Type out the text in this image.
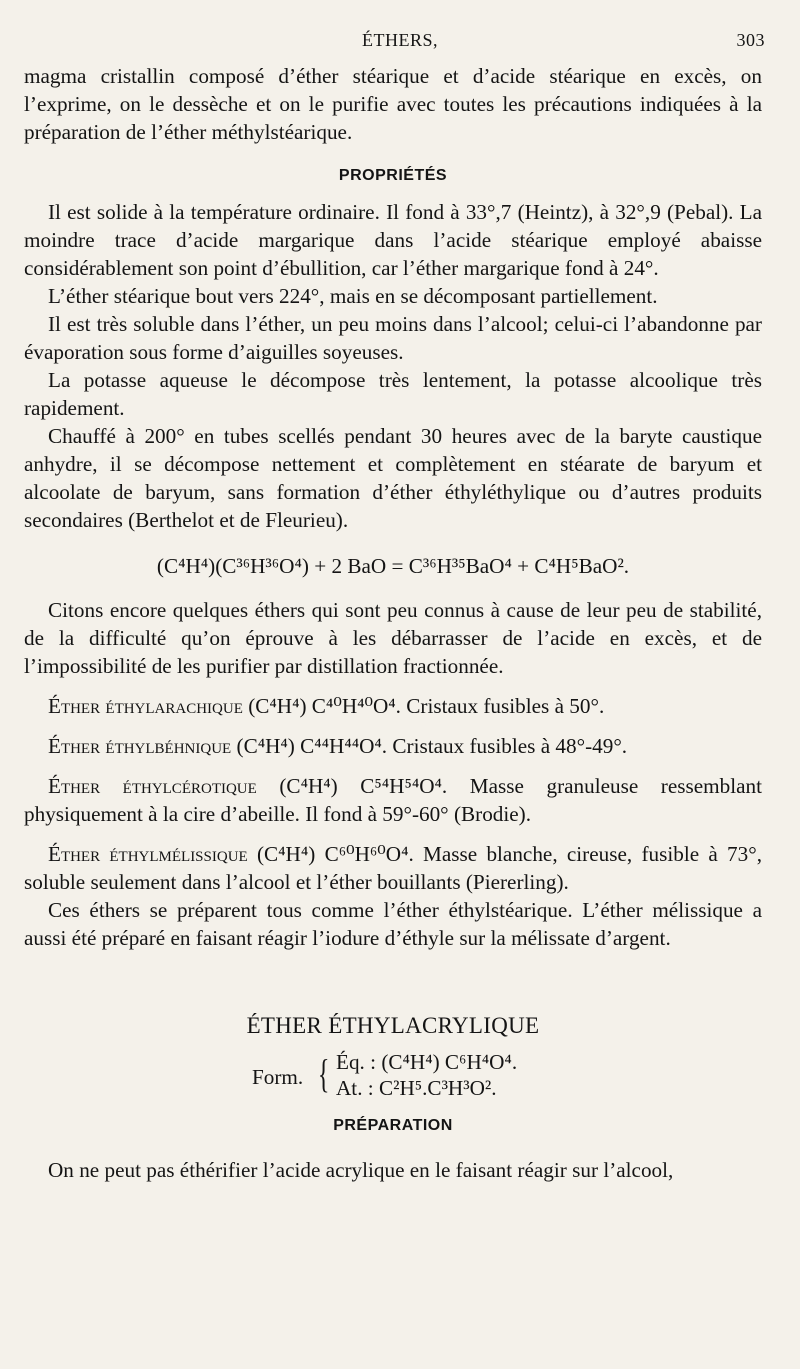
ÉTHERS,	303

magma cristallin composé d’éther stéarique et d’acide stéarique en excès, on l’exprime, on le dessèche et on le purifie avec toutes les précautions indiquées à la préparation de l’éther méthylstéarique.

PROPRIÉTÉS

Il est solide à la température ordinaire. Il fond à 33°,7 (Heintz), à 32°,9 (Pebal). La moindre trace d’acide margarique dans l’acide stéarique employé abaisse considérablement son point d’ébullition, car l’éther margarique fond à 24°.

L’éther stéarique bout vers 224°, mais en se décomposant partiellement.

Il est très soluble dans l’éther, un peu moins dans l’alcool; celui-ci l’abandonne par évaporation sous forme d’aiguilles soyeuses.

La potasse aqueuse le décompose très lentement, la potasse alcoolique très rapidement.

Chauffé à 200° en tubes scellés pendant 30 heures avec de la baryte caustique anhydre, il se décompose nettement et complètement en stéarate de baryum et alcoolate de baryum, sans formation d’éther éthyléthylique ou d’autres produits secondaires (Berthelot et de Fleurieu).

(C⁴H⁴)(C³⁶H³⁶O⁴) + 2 BaO = C³⁶H³⁵BaO⁴ + C⁴H⁵BaO².

Citons encore quelques éthers qui sont peu connus à cause de leur peu de stabilité, de la difficulté qu’on éprouve à les débarrasser de l’acide en excès, et de l’impossibilité de les purifier par distillation fractionnée.

Éther éthylarachique (C⁴H⁴) C⁴⁰H⁴⁰O⁴. Cristaux fusibles à 50°.

Éther éthylbéhnique (C⁴H⁴) C⁴⁴H⁴⁴O⁴. Cristaux fusibles à 48°-49°.

Éther éthylcérotique (C⁴H⁴) C⁵⁴H⁵⁴O⁴. Masse granuleuse ressemblant physiquement à la cire d’abeille. Il fond à 59°-60° (Brodie).

Éther éthylmélissique (C⁴H⁴) C⁶⁰H⁶⁰O⁴. Masse blanche, cireuse, fusible à 73°, soluble seulement dans l’alcool et l’éther bouillants (Piererling).

Ces éthers se préparent tous comme l’éther éthylstéarique. L’éther mélissique a aussi été préparé en faisant réagir l’iodure d’éthyle sur la mélissate d’argent.

ÉTHER ÉTHYLACRYLIQUE
Form. { Éq. : (C⁴H⁴) C⁶H⁴O⁴.
At. : C²H⁵.C³H³O².
PRÉPARATION

On ne peut pas éthérifier l’acide acrylique en le faisant réagir sur l’alcool,
